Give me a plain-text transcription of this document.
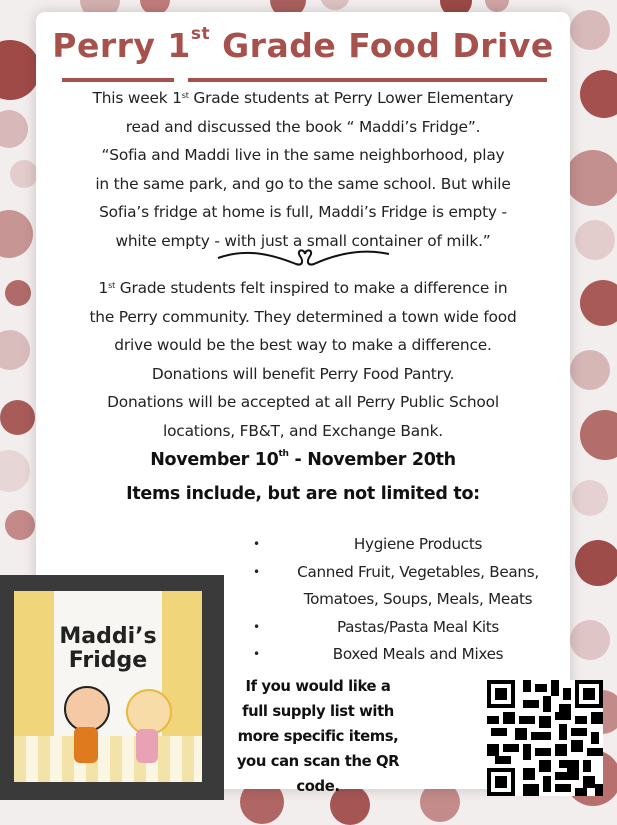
Perry 1st Grade Food Drive
This week 1st Grade students at Perry Lower Elementary
read and discussed the book “ Maddi’s Fridge”.
“Sofia and Maddi live in the same neighborhood, play
in the same park, and go to the same school. But while
Sofia’s fridge at home is full, Maddi’s Fridge is empty -
white empty - with just a small container of milk.”
1st Grade students felt inspired to make a difference in
the Perry community. They determined a town wide food
drive would be the best way to make a difference.
Donations will benefit Perry Food Pantry.
Donations will be accepted at all Perry Public School
locations, FB&T, and Exchange Bank.
November 10th - November 20th
Items include, but are not limited to:
•	Hygiene Products
• Canned Fruit, Vegetables, Beans, Tomatoes, Soups, Meals, Meats
•	Pastas/Pasta Meal Kits
•	Boxed Meals and Mixes
If you would like a full supply list with more specific items, you can scan the QR code.
Maddi’s
Fridge
